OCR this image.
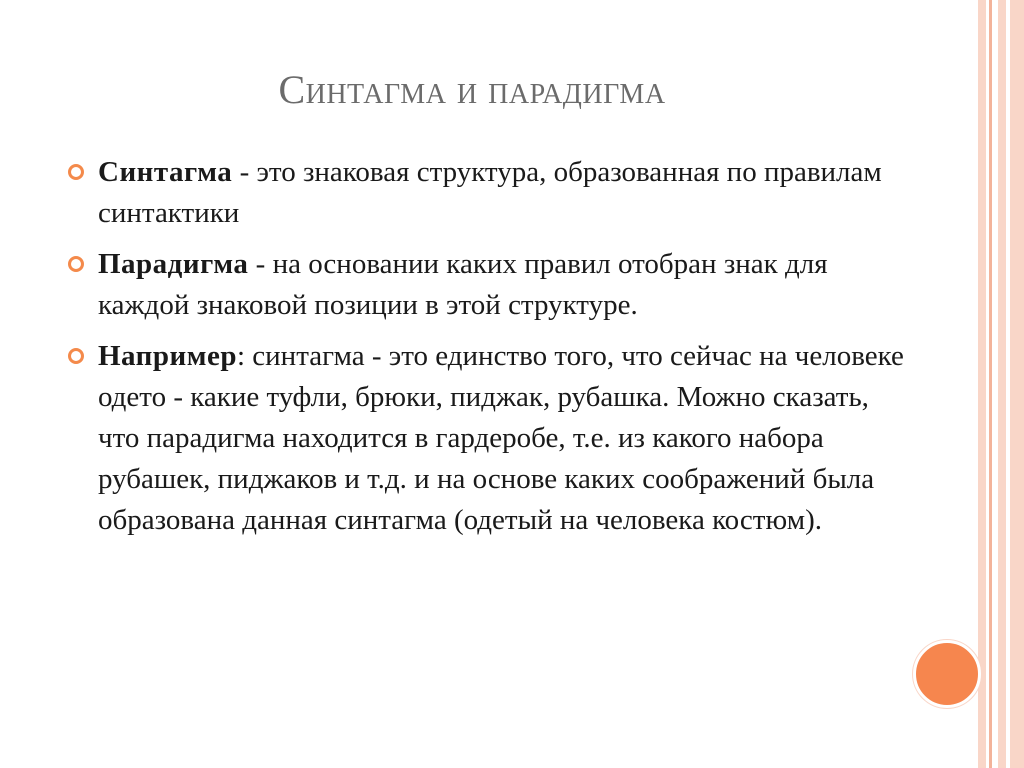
Синтагма и парадигма
Синтагма - это знаковая структура, образованная по правилам синтактики
Парадигма - на основании каких правил отобран знак для каждой знаковой позиции в этой структуре.
Например: синтагма - это единство того, что сейчас на человеке одето - какие туфли, брюки, пиджак, рубашка. Можно сказать, что парадигма находится в гардеробе, т.е. из какого набора рубашек, пиджаков и т.д. и на основе каких соображений была образована данная синтагма (одетый на человека костюм).
